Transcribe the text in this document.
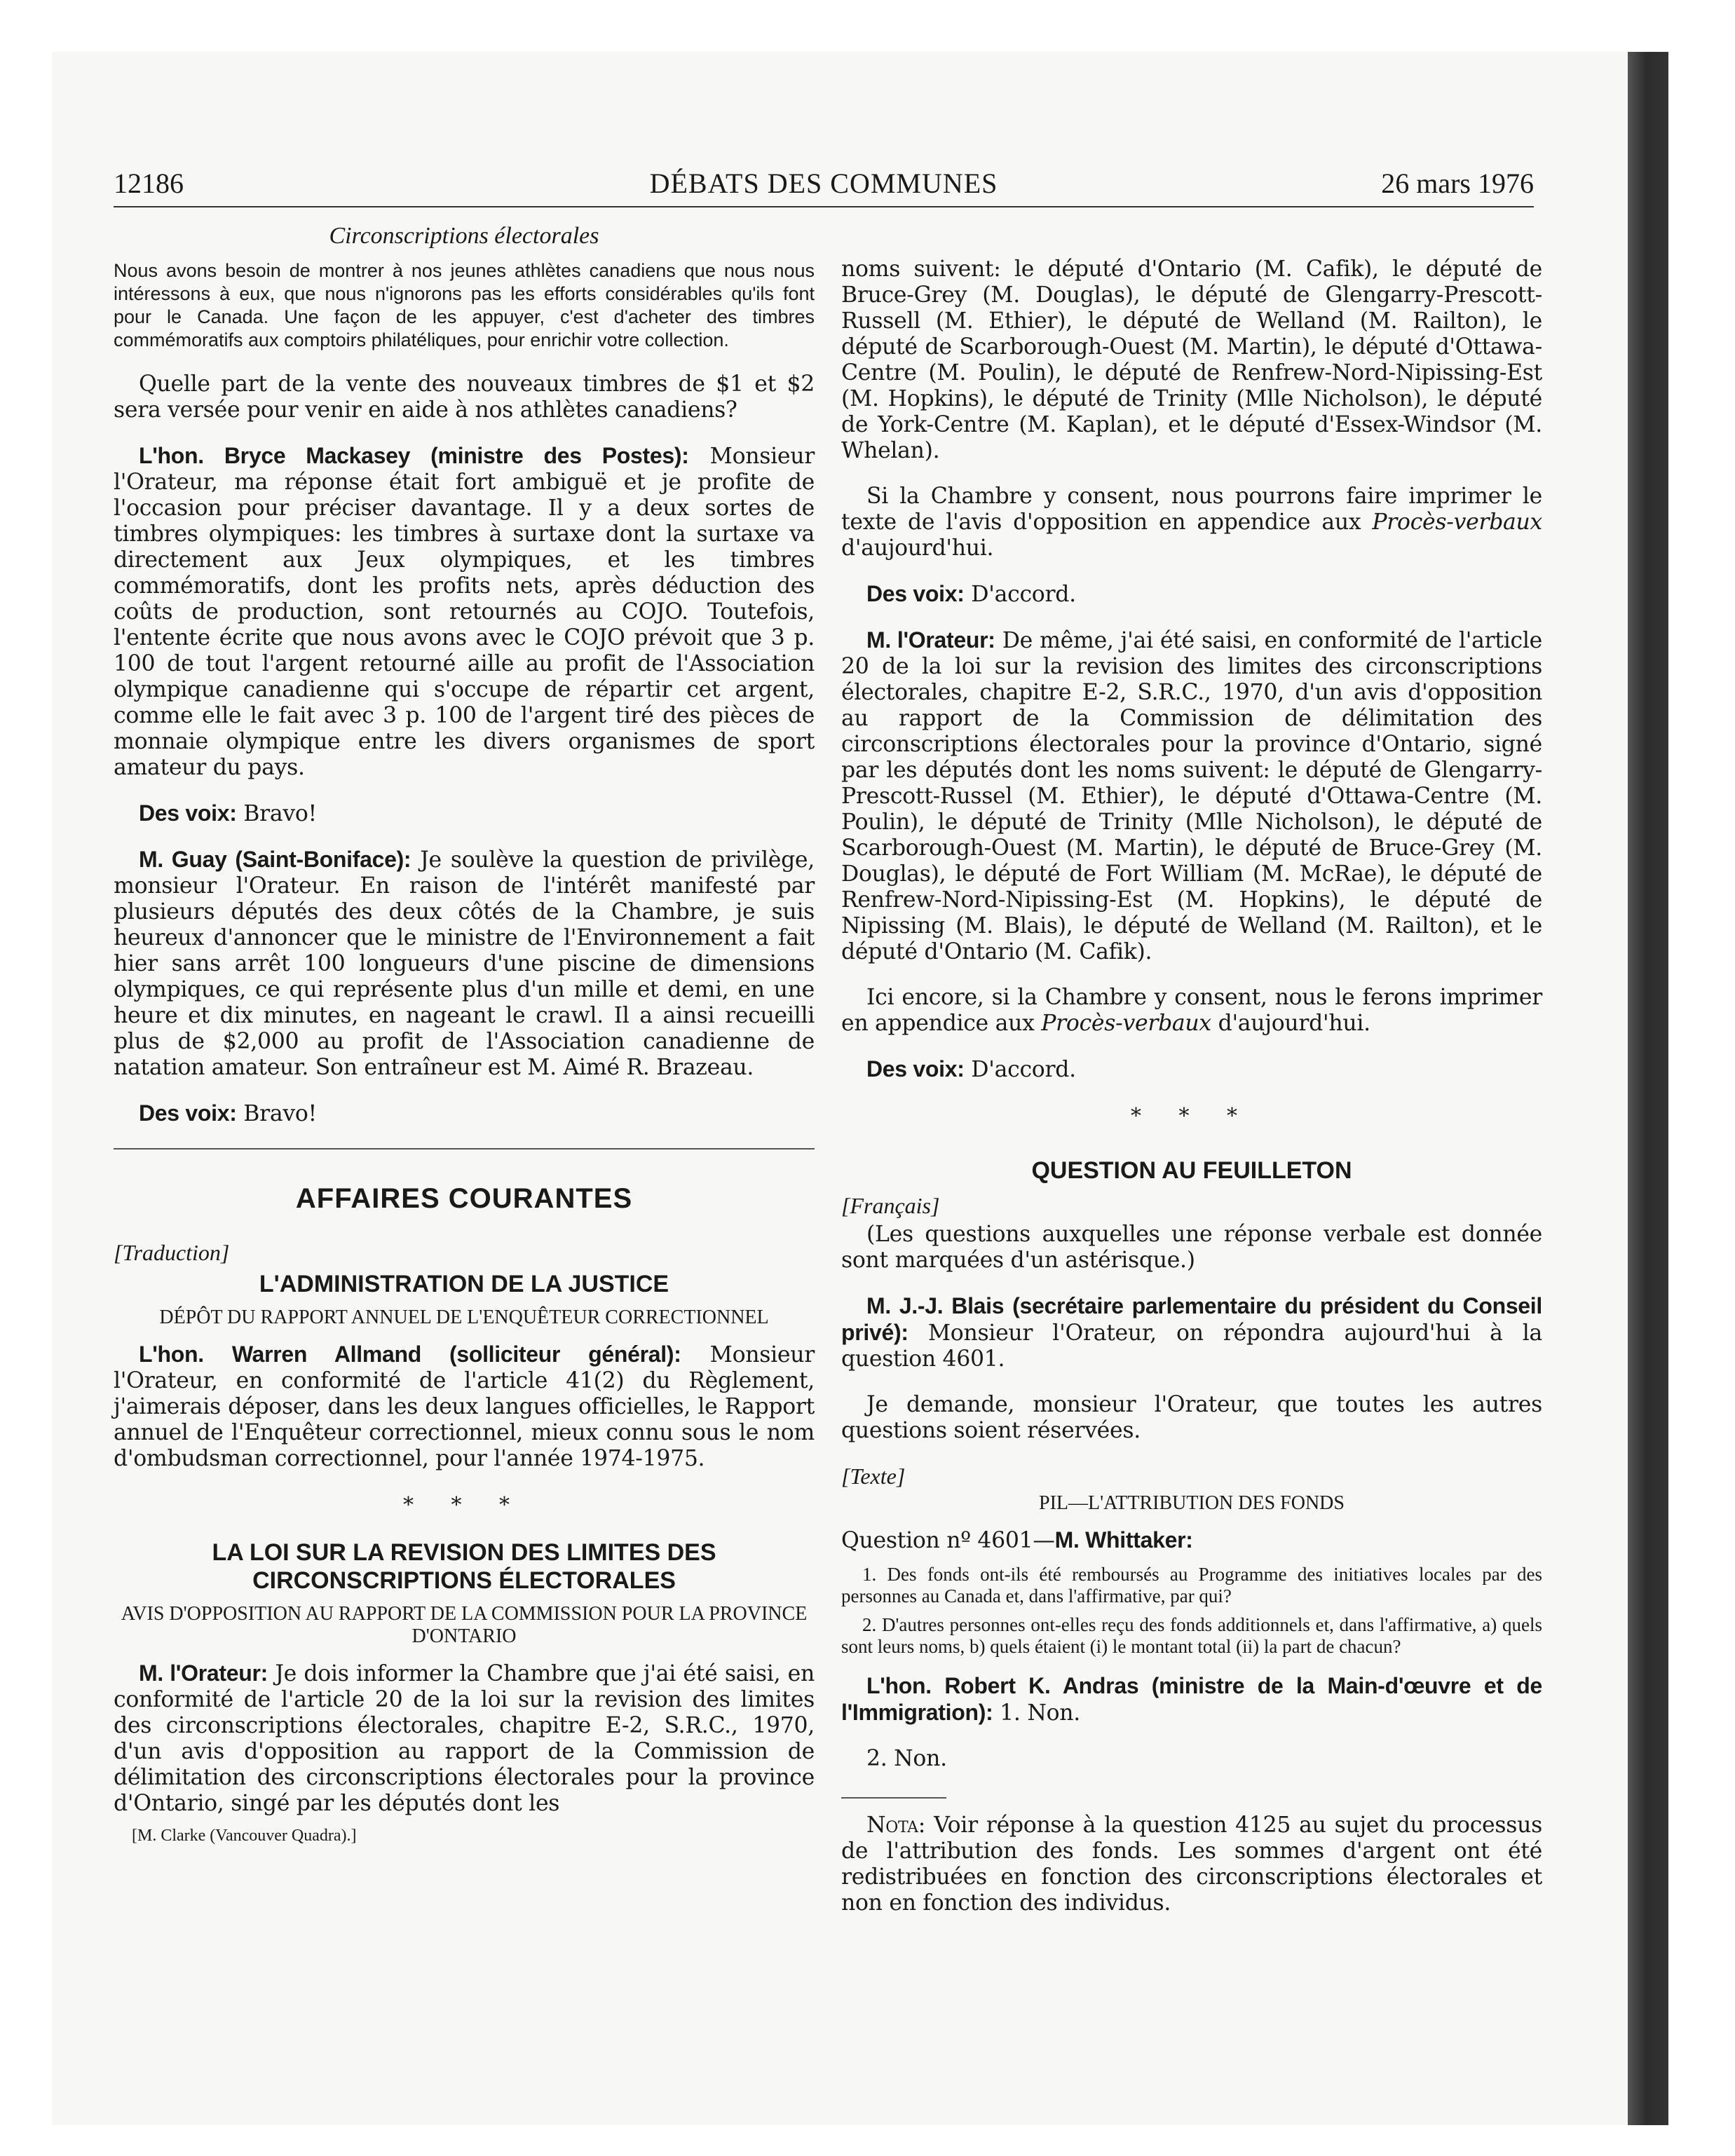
12186	DÉBATS DES COMMUNES	26 mars 1976
Circonscriptions électorales

Nous avons besoin de montrer à nos jeunes athlètes canadiens que nous nous intéressons à eux, que nous n'ignorons pas les efforts considérables qu'ils font pour le Canada. Une façon de les appuyer, c'est d'acheter des timbres commémoratifs aux comptoirs philatéliques, pour enrichir votre collection.

Quelle part de la vente des nouveaux timbres de $1 et $2 sera versée pour venir en aide à nos athlètes canadiens?

L'hon. Bryce Mackasey (ministre des Postes): Monsieur l'Orateur, ma réponse était fort ambiguë et je profite de l'occasion pour préciser davantage. Il y a deux sortes de timbres olympiques: les timbres à surtaxe dont la surtaxe va directement aux Jeux olympiques, et les timbres commémoratifs, dont les profits nets, après déduction des coûts de production, sont retournés au COJO. Toutefois, l'entente écrite que nous avons avec le COJO prévoit que 3 p. 100 de tout l'argent retourné aille au profit de l'Association olympique canadienne qui s'occupe de répartir cet argent, comme elle le fait avec 3 p. 100 de l'argent tiré des pièces de monnaie olympique entre les divers organismes de sport amateur du pays.

Des voix: Bravo!

M. Guay (Saint-Boniface): Je soulève la question de privilège, monsieur l'Orateur. En raison de l'intérêt manifesté par plusieurs députés des deux côtés de la Chambre, je suis heureux d'annoncer que le ministre de l'Environnement a fait hier sans arrêt 100 longueurs d'une piscine de dimensions olympiques, ce qui représente plus d'un mille et demi, en une heure et dix minutes, en nageant le crawl. Il a ainsi recueilli plus de $2,000 au profit de l'Association canadienne de natation amateur. Son entraîneur est M. Aimé R. Brazeau.

Des voix: Bravo!

AFFAIRES COURANTES
[Traduction]
L'ADMINISTRATION DE LA JUSTICE
DÉPÔT DU RAPPORT ANNUEL DE L'ENQUÊTEUR CORRECTIONNEL

L'hon. Warren Allmand (solliciteur général): Monsieur l'Orateur, en conformité de l'article 41(2) du Règlement, j'aimerais déposer, dans les deux langues officielles, le Rapport annuel de l'Enquêteur correctionnel, mieux connu sous le nom d'ombudsman correctionnel, pour l'année 1974-1975.

* * *
LA LOI SUR LA REVISION DES LIMITES DES CIRCONSCRIPTIONS ÉLECTORALES
AVIS D'OPPOSITION AU RAPPORT DE LA COMMISSION POUR LA PROVINCE D'ONTARIO

M. l'Orateur: Je dois informer la Chambre que j'ai été saisi, en conformité de l'article 20 de la loi sur la revision des limites des circonscriptions électorales, chapitre E-2, S.R.C., 1970, d'un avis d'opposition au rapport de la Commission de délimitation des circonscriptions électorales pour la province d'Ontario, singé par les députés dont les

[M. Clarke (Vancouver Quadra).]

noms suivent: le député d'Ontario (M. Cafik), le député de Bruce-Grey (M. Douglas), le député de Glengarry-Prescott-Russell (M. Ethier), le député de Welland (M. Railton), le député de Scarborough-Ouest (M. Martin), le député d'Ottawa-Centre (M. Poulin), le député de Renfrew-Nord-Nipissing-Est (M. Hopkins), le député de Trinity (Mlle Nicholson), le député de York-Centre (M. Kaplan), et le député d'Essex-Windsor (M. Whelan).

Si la Chambre y consent, nous pourrons faire imprimer le texte de l'avis d'opposition en appendice aux Procès-verbaux d'aujourd'hui.

Des voix: D'accord.

M. l'Orateur: De même, j'ai été saisi, en conformité de l'article 20 de la loi sur la revision des limites des circonscriptions électorales, chapitre E-2, S.R.C., 1970, d'un avis d'opposition au rapport de la Commission de délimitation des circonscriptions électorales pour la province d'Ontario, signé par les députés dont les noms suivent: le député de Glengarry-Prescott-Russel (M. Ethier), le député d'Ottawa-Centre (M. Poulin), le député de Trinity (Mlle Nicholson), le député de Scarborough-Ouest (M. Martin), le député de Bruce-Grey (M. Douglas), le député de Fort William (M. McRae), le député de Renfrew-Nord-Nipissing-Est (M. Hopkins), le député de Nipissing (M. Blais), le député de Welland (M. Railton), et le député d'Ontario (M. Cafik).

Ici encore, si la Chambre y consent, nous le ferons imprimer en appendice aux Procès-verbaux d'aujourd'hui.

Des voix: D'accord.

* * *
QUESTION AU FEUILLETON
[Français]

(Les questions auxquelles une réponse verbale est donnée sont marquées d'un astérisque.)

M. J.-J. Blais (secrétaire parlementaire du président du Conseil privé): Monsieur l'Orateur, on répondra aujourd'hui à la question 4601.

Je demande, monsieur l'Orateur, que toutes les autres questions soient réservées.

[Texte]
PIL—L'ATTRIBUTION DES FONDS

Question nº 4601—M. Whittaker:

1. Des fonds ont-ils été remboursés au Programme des initiatives locales par des personnes au Canada et, dans l'affirmative, par qui?
2. D'autres personnes ont-elles reçu des fonds additionnels et, dans l'affirmative, a) quels sont leurs noms, b) quels étaient (i) le montant total (ii) la part de chacun?

L'hon. Robert K. Andras (ministre de la Main-d'œuvre et de l'Immigration): 1. Non.

2. Non.

Nota: Voir réponse à la question 4125 au sujet du processus de l'attribution des fonds. Les sommes d'argent ont été redistribuées en fonction des circonscriptions électorales et non en fonction des individus.
